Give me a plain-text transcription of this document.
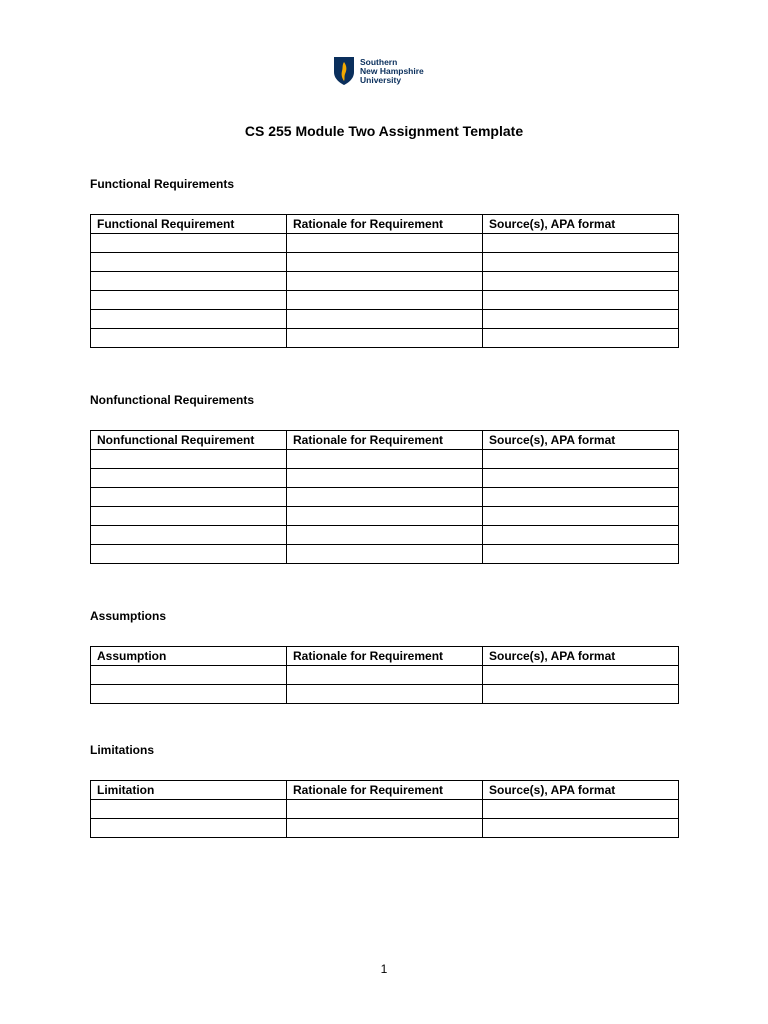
Southern
New Hampshire
University
CS 255 Module Two Assignment Template
Functional Requirements
Functional Requirement	Rationale for Requirement	Source(s), APA format

Nonfunctional Requirements
Nonfunctional Requirement	Rationale for Requirement	Source(s), APA format

Assumptions
Assumption	Rationale for Requirement	Source(s), APA format

Limitations
Limitation	Rationale for Requirement	Source(s), APA format

1
